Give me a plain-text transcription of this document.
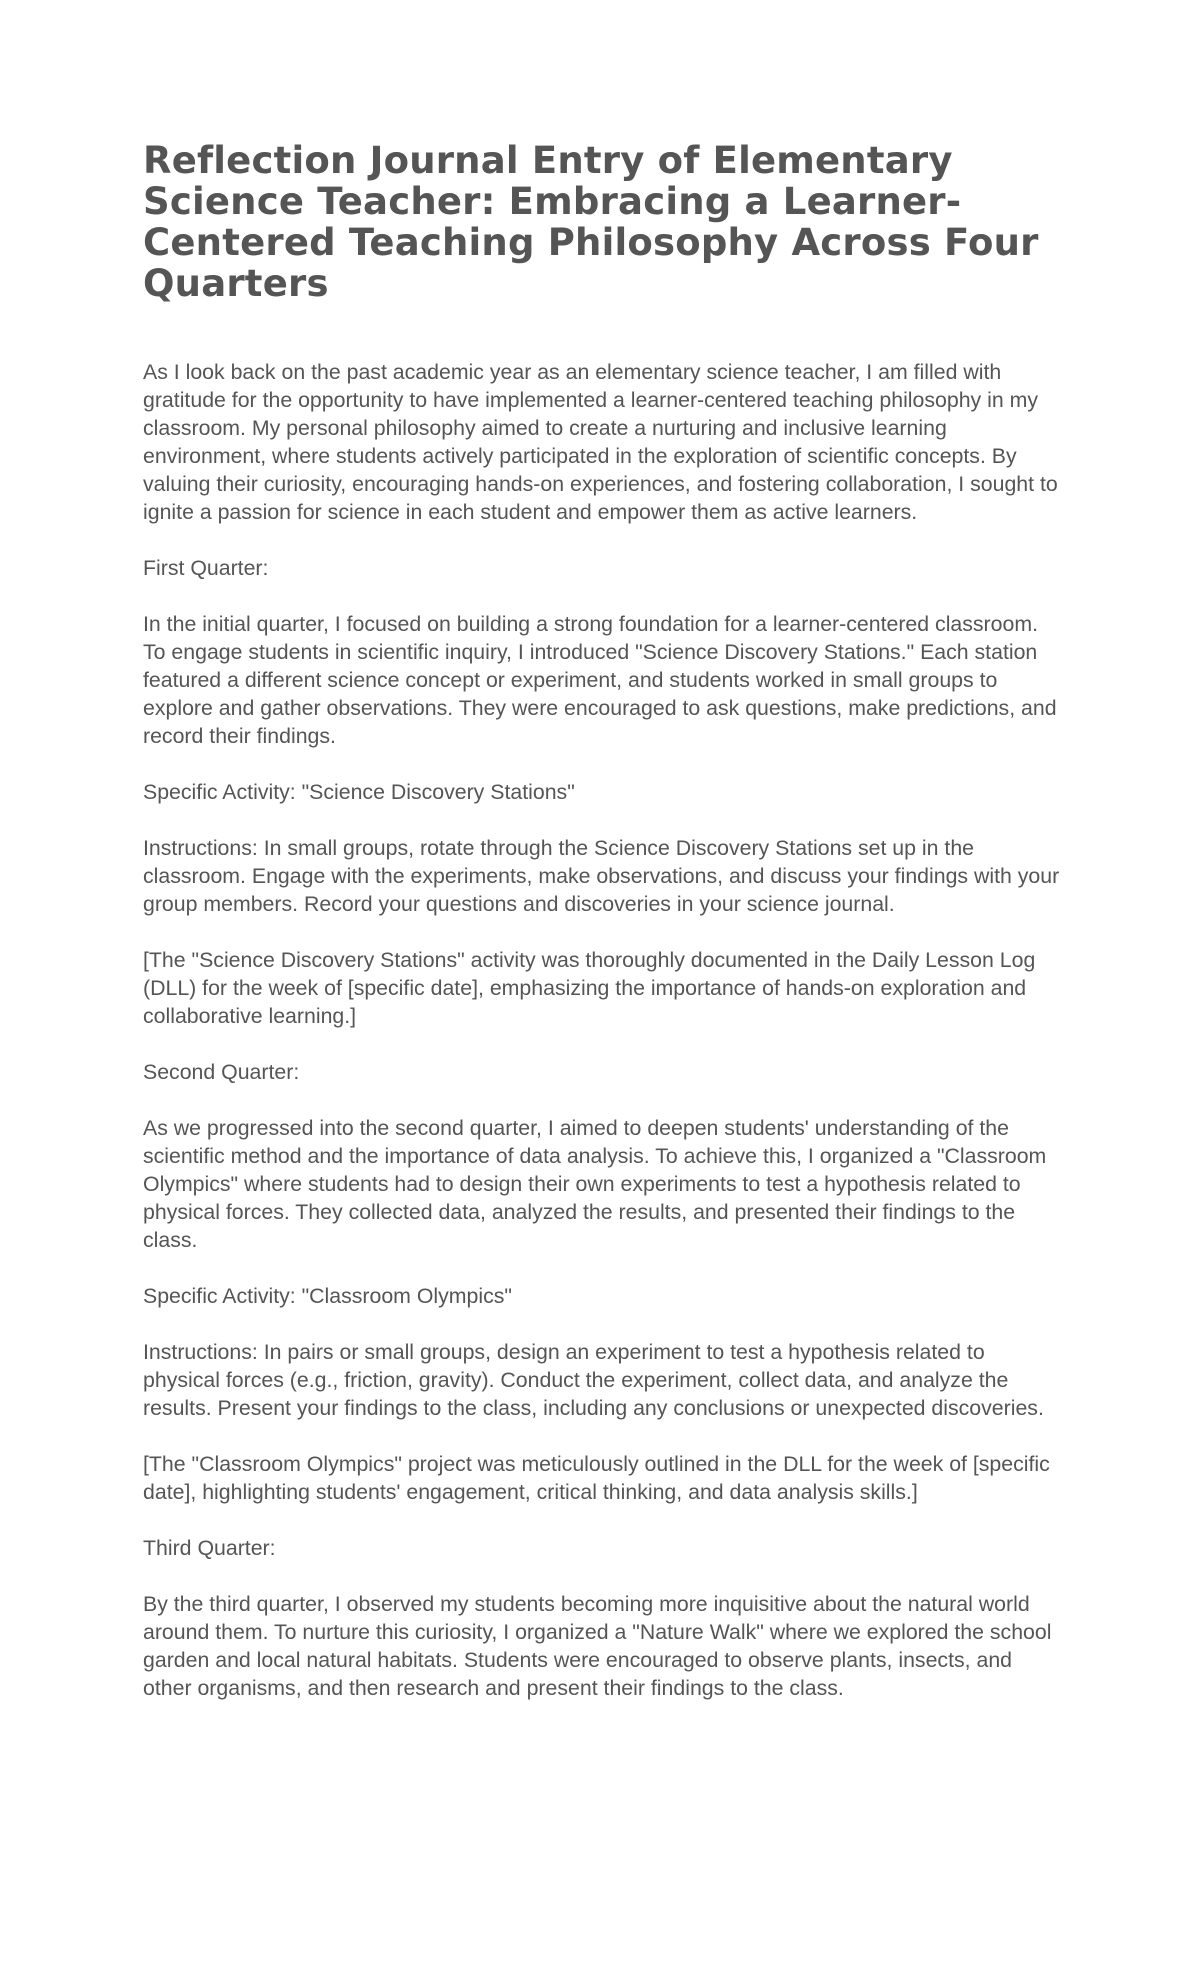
Reflection Journal Entry of Elementary Science Teacher: Embracing a Learner-Centered Teaching Philosophy Across Four Quarters

As I look back on the past academic year as an elementary science teacher, I am filled with gratitude for the opportunity to have implemented a learner-centered teaching philosophy in my classroom. My personal philosophy aimed to create a nurturing and inclusive learning environment, where students actively participated in the exploration of scientific concepts. By valuing their curiosity, encouraging hands-on experiences, and fostering collaboration, I sought to ignite a passion for science in each student and empower them as active learners.

First Quarter:

In the initial quarter, I focused on building a strong foundation for a learner-centered classroom. To engage students in scientific inquiry, I introduced "Science Discovery Stations." Each station featured a different science concept or experiment, and students worked in small groups to explore and gather observations. They were encouraged to ask questions, make predictions, and record their findings.

Specific Activity: "Science Discovery Stations"

Instructions: In small groups, rotate through the Science Discovery Stations set up in the classroom. Engage with the experiments, make observations, and discuss your findings with your group members. Record your questions and discoveries in your science journal.

[The "Science Discovery Stations" activity was thoroughly documented in the Daily Lesson Log (DLL) for the week of [specific date], emphasizing the importance of hands-on exploration and collaborative learning.]

Second Quarter:

As we progressed into the second quarter, I aimed to deepen students' understanding of the scientific method and the importance of data analysis. To achieve this, I organized a "Classroom Olympics" where students had to design their own experiments to test a hypothesis related to physical forces. They collected data, analyzed the results, and presented their findings to the class.

Specific Activity: "Classroom Olympics"

Instructions: In pairs or small groups, design an experiment to test a hypothesis related to physical forces (e.g., friction, gravity). Conduct the experiment, collect data, and analyze the results. Present your findings to the class, including any conclusions or unexpected discoveries.

[The "Classroom Olympics" project was meticulously outlined in the DLL for the week of [specific date], highlighting students' engagement, critical thinking, and data analysis skills.]

Third Quarter:

By the third quarter, I observed my students becoming more inquisitive about the natural world around them. To nurture this curiosity, I organized a "Nature Walk" where we explored the school garden and local natural habitats. Students were encouraged to observe plants, insects, and other organisms, and then research and present their findings to the class.
